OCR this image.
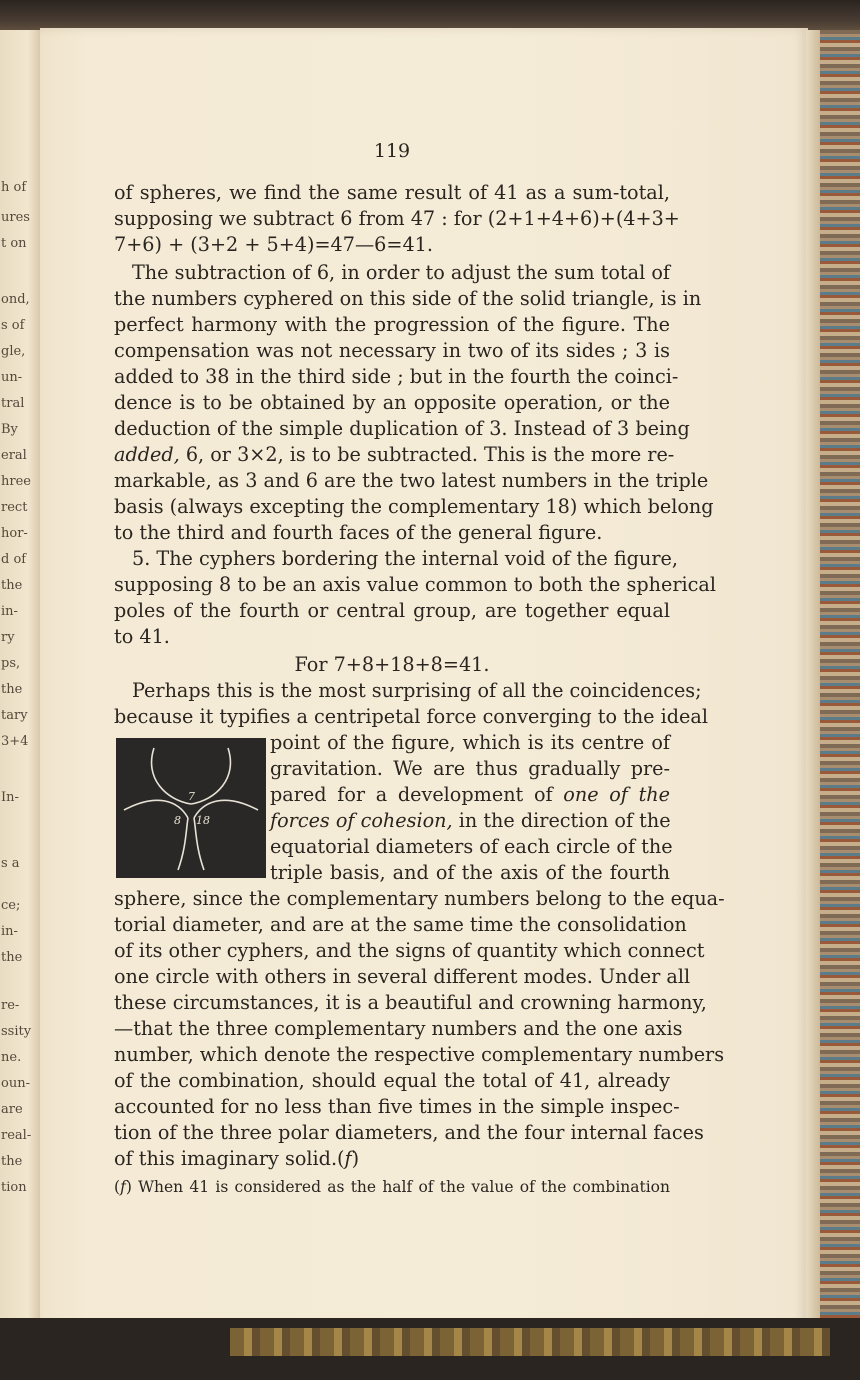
h of
ures
t on
ond,
s of
gle,
un-
tral
By
eral
hree
rect
hor-
d of
the
in-
ry
ps,
the
tary
3+4
In-
s a
ce;
in-
the
re-
ssity
ne.
oun-
are
real-
the
tion
119
of spheres, we find the same result of 41 as a sum-total,
supposing we subtract 6 from 47 : for (2+1+4+6)+(4+3+
7+6) + (3+2 + 5+4)=47—6=41.
The subtraction of 6, in order to adjust the sum total of
the numbers cyphered on this side of the solid triangle, is in
perfect harmony with the progression of the figure. The
compensation was not necessary in two of its sides ; 3 is
added to 38 in the third side ; but in the fourth the coinci-
dence is to be obtained by an opposite operation, or the
deduction of the simple duplication of 3. Instead of 3 being
added, 6, or 3×2, is to be subtracted. This is the more re-
markable, as 3 and 6 are the two latest numbers in the triple
basis (always excepting the complementary 18) which belong
to the third and fourth faces of the general figure.
5. The cyphers bordering the internal void of the figure,
supposing 8 to be an axis value common to both the spherical
poles of the fourth or central group, are together equal
to 41.
For 7+8+18+8=41.
Perhaps this is the most surprising of all the coincidences;
because it typifies a centripetal force converging to the ideal
point of the figure, which is its centre of
gravitation. We are thus gradually pre-
pared for a development of one of the
forces of cohesion, in the direction of the
equatorial diameters of each circle of the
triple basis, and of the axis of the fourth
sphere, since the complementary numbers belong to the equa-
torial diameter, and are at the same time the consolidation
of its other cyphers, and the signs of quantity which connect
one circle with others in several different modes. Under all
these circumstances, it is a beautiful and crowning harmony,
—that the three complementary numbers and the one axis
number, which denote the respective complementary numbers
of the combination, should equal the total of 41, already
accounted for no less than five times in the simple inspec-
tion of the three polar diameters, and the four internal faces
of this imaginary solid.(f)
(f) When 41 is considered as the half of the value of the combination
7
8 18
